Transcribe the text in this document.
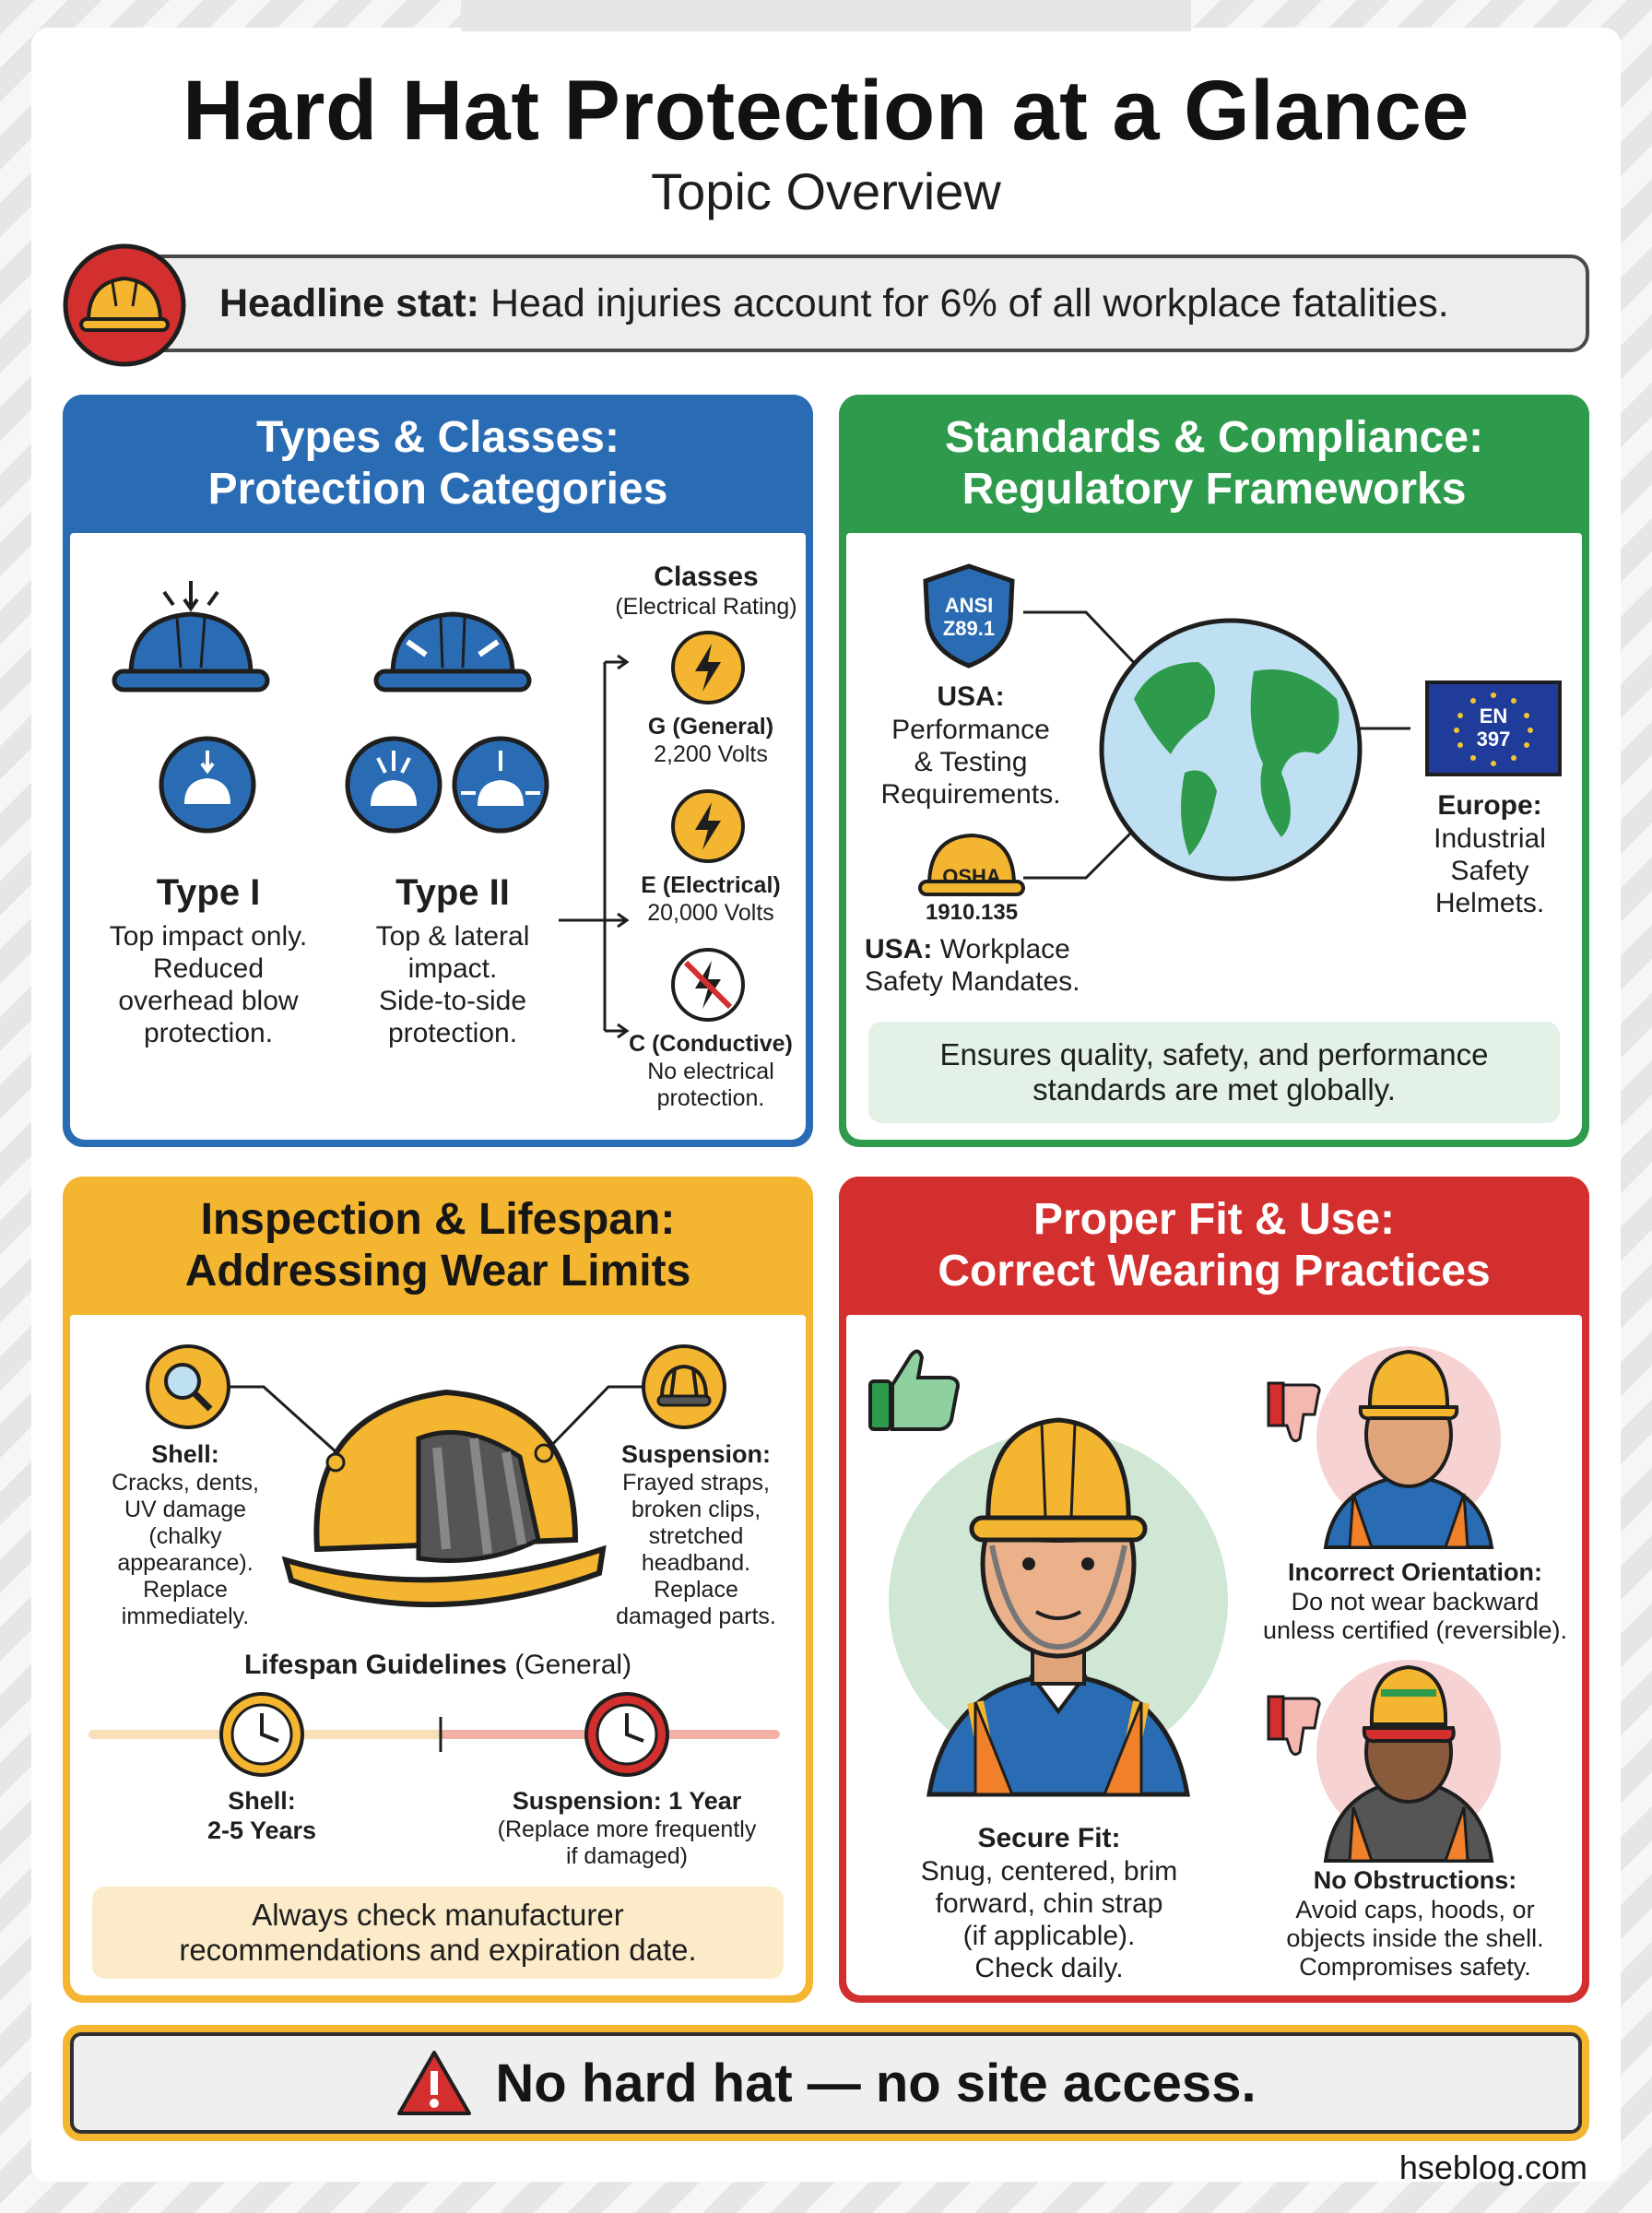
Hard Hat Protection at a Glance
Topic Overview
Headline stat: Head injuries account for 6% of all workplace fatalities.
Types & Classes:
Protection Categories
Type I
Top impact only.
Reduced
overhead blow
protection.
Type II
Top & lateral
impact.
Side-to-side
protection.
Classes
(Electrical Rating)
G (General)
2,200 Volts
E (Electrical)
20,000 Volts
C (Conductive)
No electrical
protection.
Standards & Compliance:
Regulatory Frameworks
ANSI
Z89.1
USA:
Performance
& Testing
Requirements.
OSHA
1910.135
USA: Workplace
Safety Mandates.
EN
397
Europe:
Industrial
Safety
Helmets.
Ensures quality, safety, and performance
standards are met globally.
Inspection & Lifespan:
Addressing Wear Limits
Shell:
Cracks, dents,
UV damage
(chalky
appearance).
Replace
immediately.
Suspension:
Frayed straps,
broken clips,
stretched
headband.
Replace
damaged parts.
Lifespan Guidelines (General)
Shell:
2-5 Years
Suspension: 1 Year
(Replace more frequently
if damaged)
Always check manufacturer
recommendations and expiration date.
Proper Fit & Use:
Correct Wearing Practices
Secure Fit:
Snug, centered, brim
forward, chin strap
(if applicable).
Check daily.
Incorrect Orientation:
Do not wear backward
unless certified (reversible).
No Obstructions:
Avoid caps, hoods, or
objects inside the shell.
Compromises safety.
No hard hat — no site access.
hseblog.com
